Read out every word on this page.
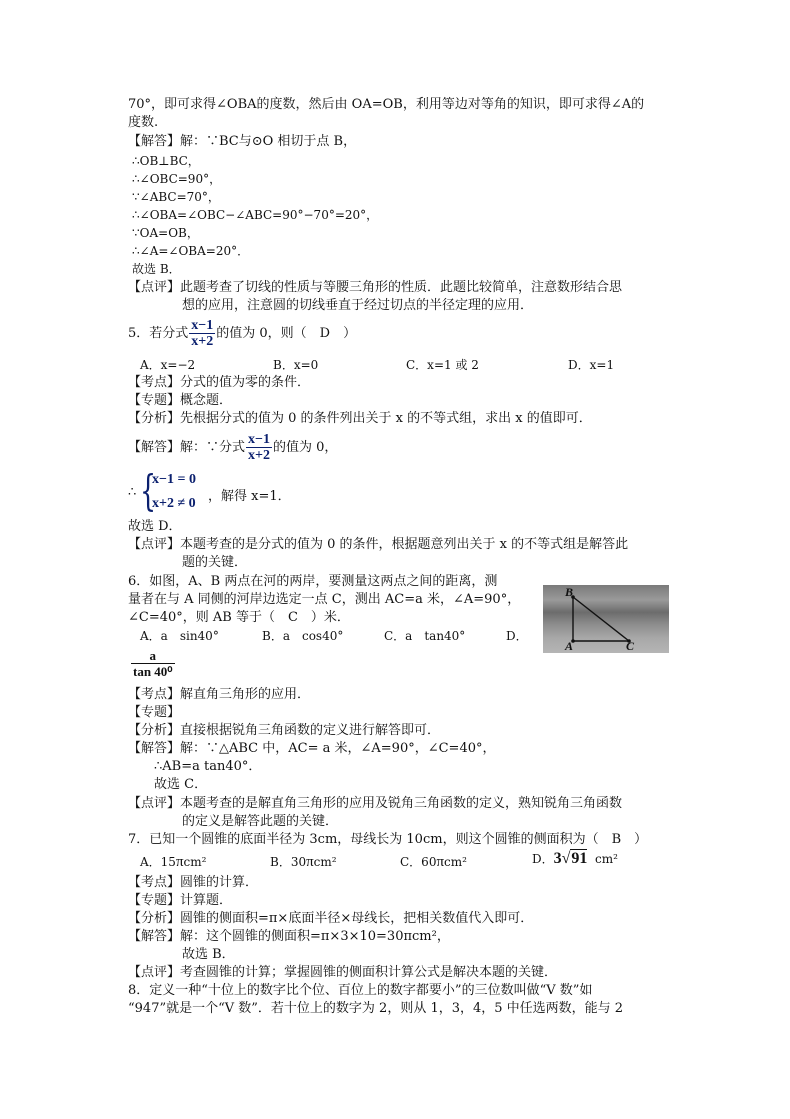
70°，即可求得∠OBA的度数，然后由 OA=OB，利用等边对等角的知识，即可求得∠A的
度数.
【解答】解：∵BC与⊙O 相切于点 B，
∴OB⊥BC，
∴∠OBC=90°，
∵∠ABC=70°，
∴∠OBA=∠OBC−∠ABC=90°−70°=20°，
∵OA=OB，
∴∠A=∠OBA=20°．
故选 B．
【点评】此题考查了切线的性质与等腰三角形的性质．此题比较简单，注意数形结合思
想的应用，注意圆的切线垂直于经过切点的半径定理的应用．
5．若分式 $\frac{x-1}{x+2}$ 的值为 0，则（　D　）
A．x=−2	B．x=0	C．x=1 或 2	D．x=1
【考点】分式的值为零的条件．
【专题】概念题．
【分析】先根据分式的值为 0 的条件列出关于 x 的不等式组，求出 x 的值即可．
【解答】解：∵分式 $\frac{x-1}{x+2}$ 的值为 0，
∴ {
x−1 = 0
x+2 ≠ 0 ，解得 x=1．
故选 D．
【点评】本题考查的是分式的值为 0 的条件，根据题意列出关于 x 的不等式组是解答此
题的关键．
6．如图，A、B 两点在河的两岸，要测量这两点之间的距离，测
量者在与 A 同侧的河岸边选定一点 C，测出 AC=a 米，∠A=90°，
∠C=40°，则 AB 等于（　C　）米．
A．a　sin40°	B．a　cos40°	C．a　tan40°	D．
$\frac{a}{\text{tan 40⁰}}$
B
A	C
【考点】解直角三角形的应用．
【专题】
【分析】直接根据锐角三角函数的定义进行解答即可．
【解答】解：∵△ABC 中，AC= a 米，∠A=90°，∠C=40°，
∴AB=a tan40°．
故选 C．
【点评】本题考查的是解直角三角形的应用及锐角三角函数的定义，熟知锐角三角函数
的定义是解答此题的关键．
7．已知一个圆锥的底面半径为 3cm，母线长为 10cm，则这个圆锥的侧面积为（　B　）
A．15πcm²	B．30πcm²	C．60πcm²	D．3√91 cm²
【考点】圆锥的计算．
【专题】计算题．
【分析】圆锥的侧面积=π×底面半径×母线长，把相关数值代入即可．
【解答】解：这个圆锥的侧面积=π×3×10=30πcm²，
故选 B．
【点评】考查圆锥的计算；掌握圆锥的侧面积计算公式是解决本题的关键．
8．定义一种“十位上的数字比个位、百位上的数字都要小”的三位数叫做“V 数”如
“947”就是一个“V 数”．若十位上的数字为 2，则从 1，3，4，5 中任选两数，能与 2
